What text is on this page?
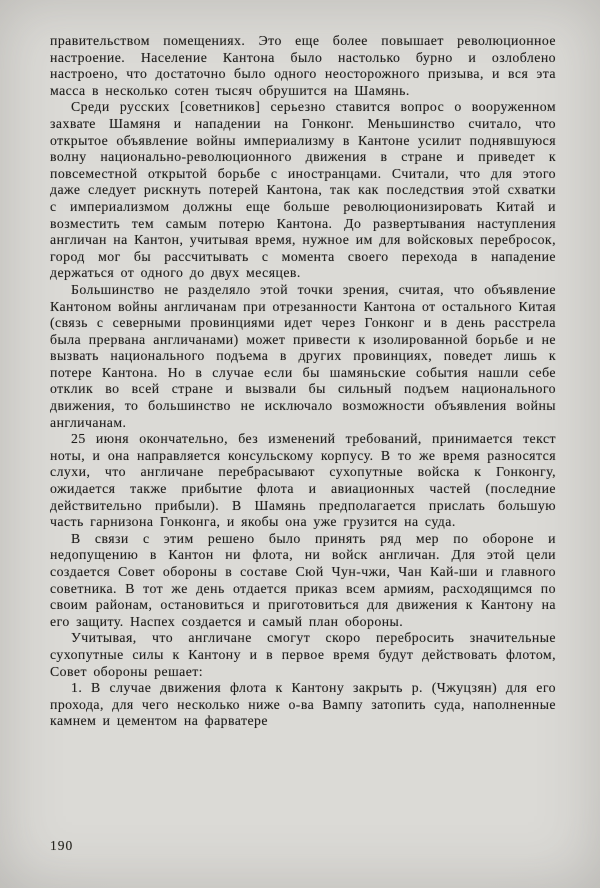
правительством помещениях. Это еще более повышает революционное настроение. Население Кантона было настолько бурно и озлоблено настроено, что достаточно было одного неосторожного призыва, и вся эта масса в несколько сотен тысяч обрушится на Шамянь.

Среди русских [советников] серьезно ставится вопрос о вооруженном захвате Шамяня и нападении на Гонконг. Меньшинство считало, что открытое объявление войны империализму в Кантоне усилит поднявшуюся волну национально-революционного движения в стране и приведет к повсеместной открытой борьбе с иностранцами. Считали, что для этого даже следует рискнуть потерей Кантона, так как последствия этой схватки с империализмом должны еще больше революционизировать Китай и возместить тем самым потерю Кантона. До развертывания наступления англичан на Кантон, учитывая время, нужное им для войсковых перебросок, город мог бы рассчитывать с момента своего перехода в нападение держаться от одного до двух месяцев.

Большинство не разделяло этой точки зрения, считая, что объявление Кантоном войны англичанам при отрезанности Кантона от остального Китая (связь с северными провинциями идет через Гонконг и в день расстрела была прервана англичанами) может привести к изолированной борьбе и не вызвать национального подъема в других провинциях, поведет лишь к потере Кантона. Но в случае если бы шамяньские события нашли себе отклик во всей стране и вызвали бы сильный подъем национального движения, то большинство не исключало возможности объявления войны англичанам.

25 июня окончательно, без изменений требований, принимается текст ноты, и она направляется консульскому корпусу. В то же время разносятся слухи, что англичане перебрасывают сухопутные войска к Гонконгу, ожидается также прибытие флота и авиационных частей (последние действительно прибыли). В Шамянь предполагается прислать большую часть гарнизона Гонконга, и якобы она уже грузится на суда.

В связи с этим решено было принять ряд мер по обороне и недопущению в Кантон ни флота, ни войск англичан. Для этой цели создается Совет обороны в составе Сюй Чун-чжи, Чан Кай-ши и главного советника. В тот же день отдается приказ всем армиям, расходящимся по своим районам, остановиться и приготовиться для движения к Кантону на его защиту. Наспех создается и самый план обороны.

Учитывая, что англичане смогут скоро перебросить значительные сухопутные силы к Кантону и в первое время будут действовать флотом, Совет обороны решает:

1. В случае движения флота к Кантону закрыть р. (Чжуцзян) для его прохода, для чего несколько ниже о-ва Вампу затопить суда, наполненные камнем и цементом на фарватере

190
